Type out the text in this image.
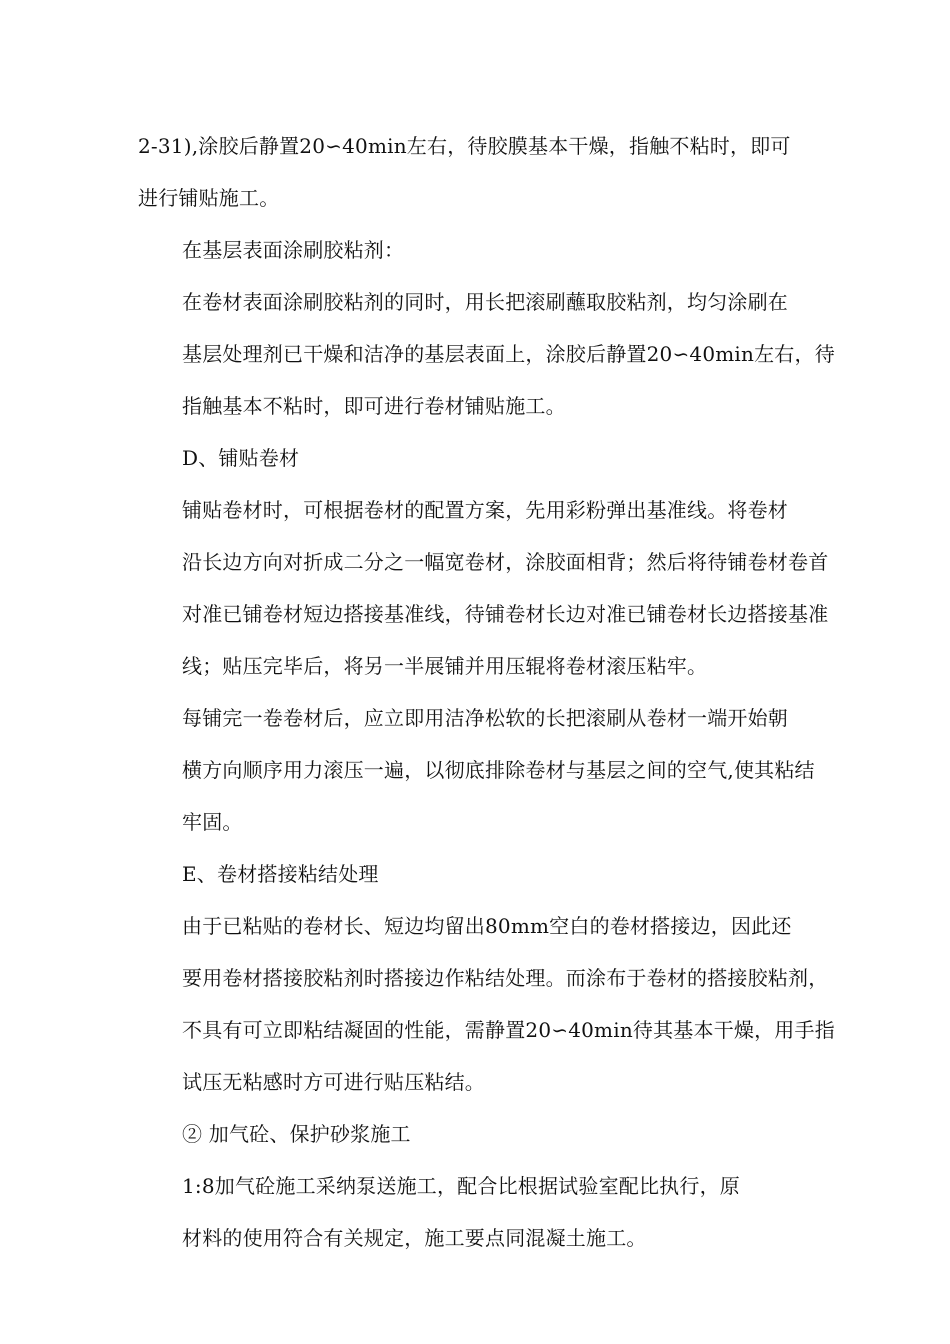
2-31),涂胶后静置20∽40min左右，待胶膜基本干燥，指触不粘时，即可
进行铺贴施工。

在基层表面涂刷胶粘剂：

在卷材表面涂刷胶粘剂的同时，用长把滚刷蘸取胶粘剂，均匀涂刷在
基层处理剂已干燥和洁净的基层表面上，涂胶后静置20∽40min左右，待
指触基本不粘时，即可进行卷材铺贴施工。

D、铺贴卷材

铺贴卷材时，可根据卷材的配置方案，先用彩粉弹出基准线。将卷材
沿长边方向对折成二分之一幅宽卷材，涂胶面相背；然后将待铺卷材卷首
对准已铺卷材短边搭接基准线，待铺卷材长边对准已铺卷材长边搭接基准
线；贴压完毕后，将另一半展铺并用压辊将卷材滚压粘牢。

每铺完一卷卷材后，应立即用洁净松软的长把滚刷从卷材一端开始朝
横方向顺序用力滚压一遍，以彻底排除卷材与基层之间的空气,使其粘结
牢固。

E、卷材搭接粘结处理

由于已粘贴的卷材长、短边均留出80mm空白的卷材搭接边，因此还
要用卷材搭接胶粘剂时搭接边作粘结处理。而涂布于卷材的搭接胶粘剂，
不具有可立即粘结凝固的性能，需静置20∽40min待其基本干燥，用手指
试压无粘感时方可进行贴压粘结。

② 加气砼、保护砂浆施工

1:8加气砼施工采纳泵送施工，配合比根据试验室配比执行，原
材料的使用符合有关规定，施工要点同混凝土施工。
